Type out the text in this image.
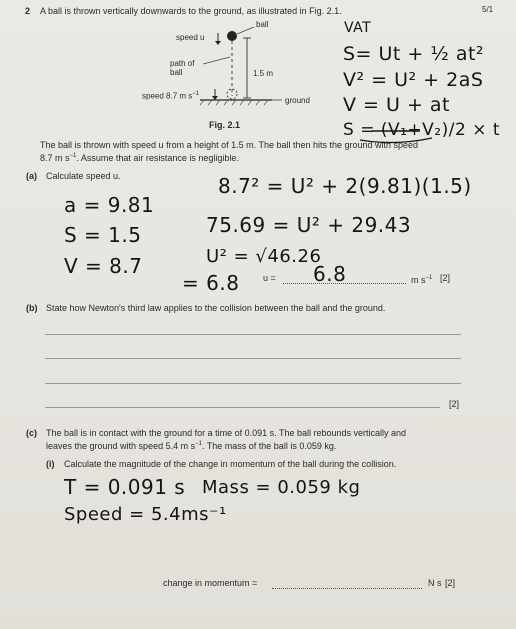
2 A ball is thrown vertically downwards to the ground, as illustrated in Fig. 2.1.	5/1
ball
speed u
path of
ball	1.5 m
speed 8.7 m $s^{-1}$
ground
Fig. 2.1
The ball is thrown with speed u from a height of 1.5 m. The ball then hits the ground with speed
8.7 m $s^{-1}$. Assume that air resistance is negligible.
(a) Calculate speed u.
u =	m $s^{-1}$ [2]
(b) State how Newton's third law applies to the collision between the ball and the ground.
[2]
(c) The ball is in contact with the ground for a time of 0.091 s. The ball rebounds vertically and
leaves the ground with speed 5.4 m $s^{-1}$. The mass of the ball is 0.059 kg.
(i) Calculate the magnitude of the change in momentum of the ball during the collision.
change in momentum =	N s [2]
VAT
S= Ut + ½ at²
V² = U² + 2aS
V = U + at
S = (V₁+V₂)/2 × t
8.7² = U² + 2(9.81)(1.5)
a = 9.81
S = 1.5	75.69 = U² + 29.43
V = 8.7	U² = √46.26
= 6.8	6.8
T = 0.091 s Mass = 0.059 kg
Speed = 5.4ms⁻¹
